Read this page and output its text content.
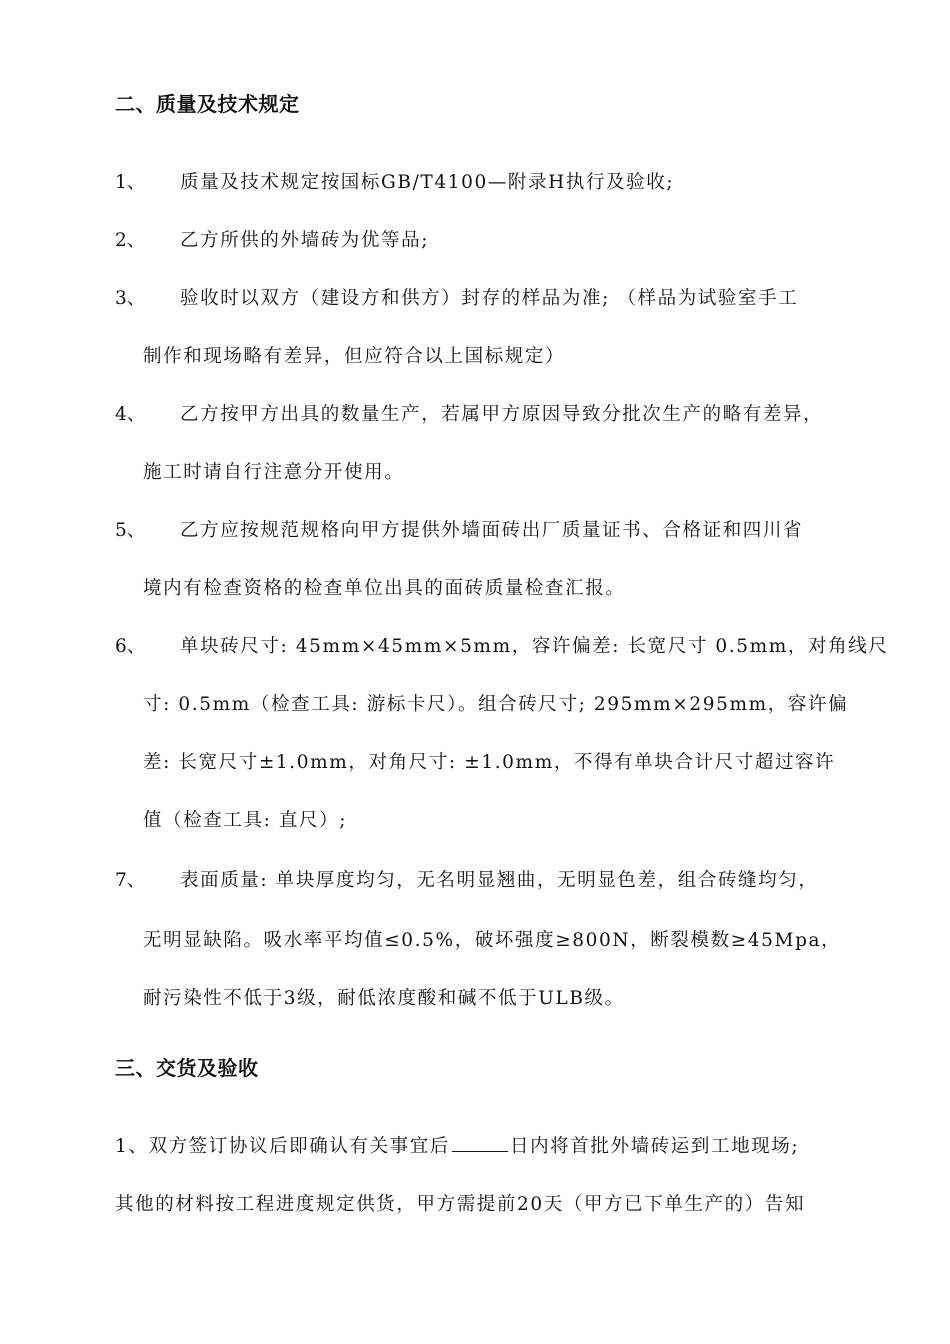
二、质量及技术规定
1、 质量及技术规定按国标GB/T4100—附录H执行及验收;
2、 乙方所供的外墙砖为优等品;
3、 验收时以双方（建设方和供方）封存的样品为准; （样品为试验室手工
制作和现场略有差异，但应符合以上国标规定）
4、 乙方按甲方出具的数量生产，若属甲方原因导致分批次生产的略有差异，
施工时请自行注意分开使用。
5、 乙方应按规范规格向甲方提供外墙面砖出厂质量证书、合格证和四川省
境内有检查资格的检查单位出具的面砖质量检查汇报。
6、 单块砖尺寸: 45mm×45mm×5mm，容许偏差: 长宽尺寸 0.5mm，对角线尺
寸: 0.5mm（检查工具: 游标卡尺）。组合砖尺寸; 295mm×295mm，容许偏
差: 长宽尺寸±1.0mm，对角尺寸: ±1.0mm，不得有单块合计尺寸超过容许
值（检查工具: 直尺）;
7、 表面质量: 单块厚度均匀，无名明显翘曲，无明显色差，组合砖缝均匀，
无明显缺陷。吸水率平均值≤0.5%，破坏强度≥800N，断裂模数≥45Mpa，
耐污染性不低于3级，耐低浓度酸和碱不低于ULB级。
三、交货及验收
1、双方签订协议后即确认有关事宜后	日内将首批外墙砖运到工地现场;
其他的材料按工程进度规定供货，甲方需提前20天（甲方已下单生产的）告知
